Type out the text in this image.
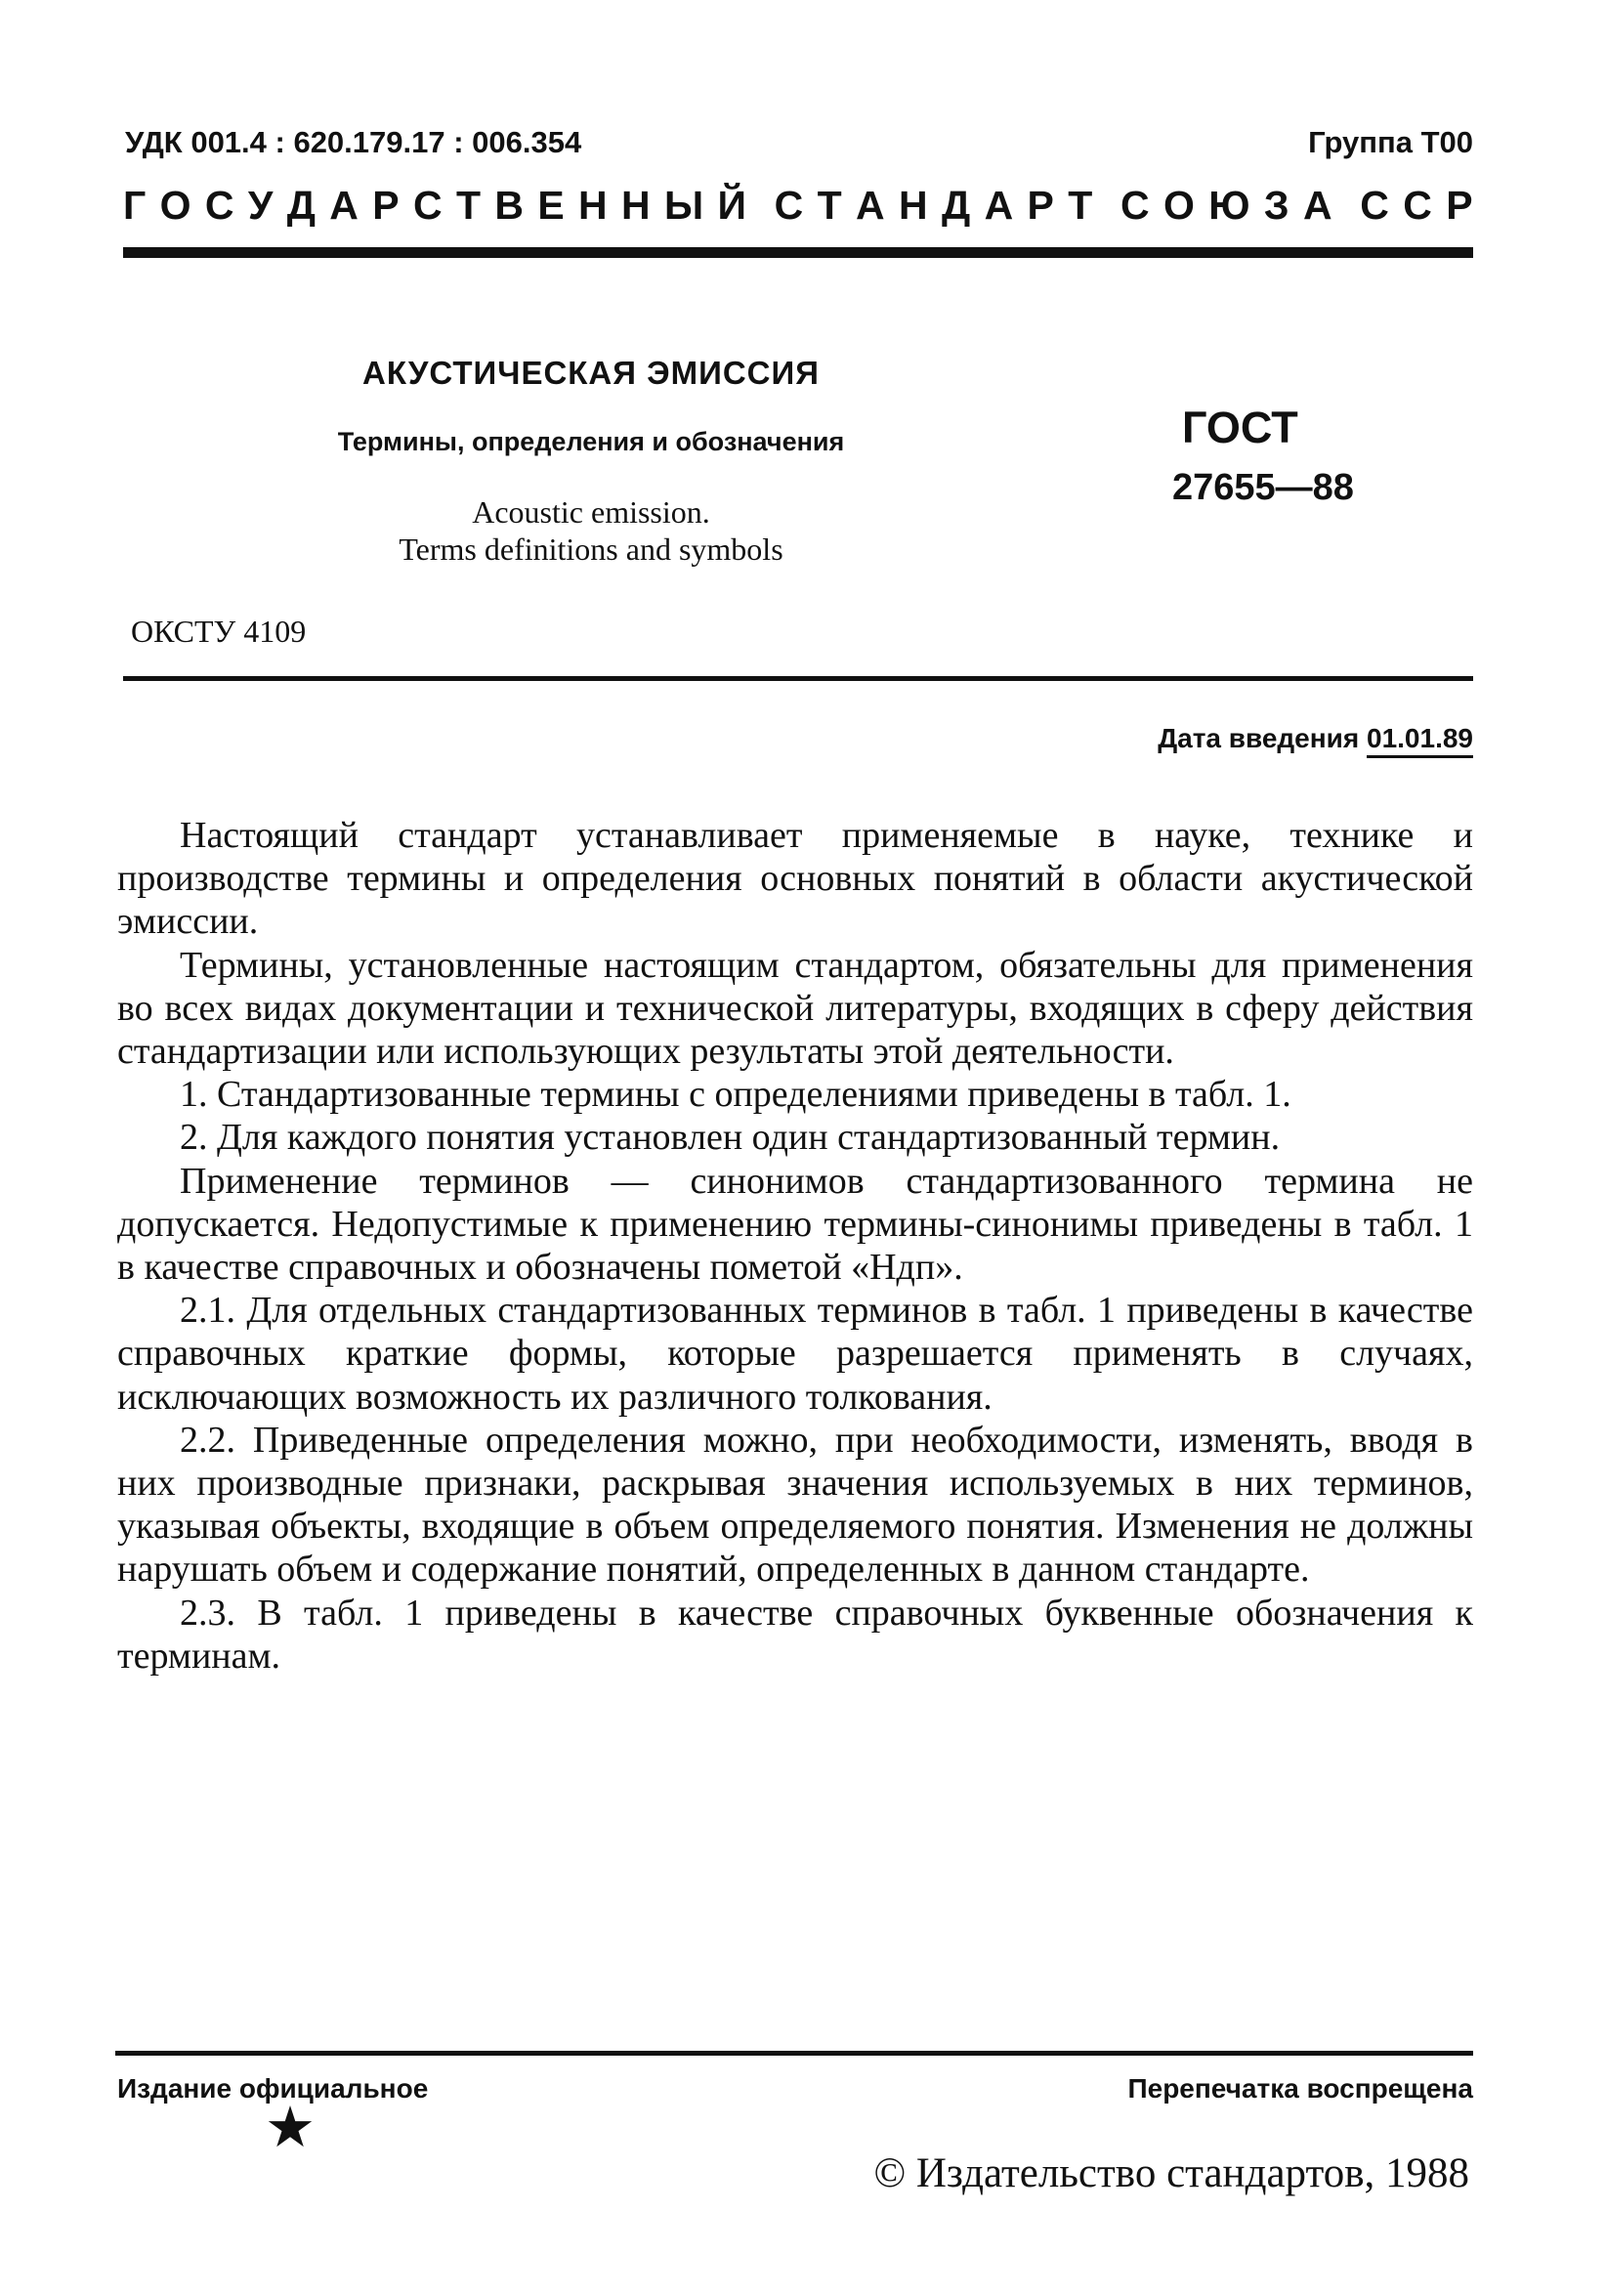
УДК 001.4 : 620.179.17 : 006.354	Группа Т00
Г О С У Д А Р С Т В Е Н Н Ы Й С Т А Н Д А Р Т С О Ю З А С С Р
АКУСТИЧЕСКАЯ ЭМИССИЯ
Термины, определения и обозначения
Acoustic emission.
Terms definitions and symbols
ГОСТ
27655—88
ОКСТУ 4109
Дата введения 01.01.89

Настоящий стандарт устанавливает применяемые в науке, технике и производстве термины и определения основных понятий в области акустической эмиссии.

Термины, установленные настоящим стандартом, обязательны для применения во всех видах документации и технической литературы, входящих в сферу действия стандартизации или использующих результаты этой деятельности.

1. Стандартизованные термины с определениями приведены в табл. 1.

2. Для каждого понятия установлен один стандартизованный термин.

Применение терминов — синонимов стандартизованного термина не допускается. Недопустимые к применению термины-синонимы приведены в табл. 1 в качестве справочных и обозначены пометой «Ндп».

2.1. Для отдельных стандартизованных терминов в табл. 1 приведены в качестве справочных краткие формы, которые разрешается применять в случаях, исключающих возможность их различного толкования.

2.2. Приведенные определения можно, при необходимости, изменять, вводя в них производные признаки, раскрывая значения используемых в них терминов, указывая объекты, входящие в объем определяемого понятия. Изменения не должны нарушать объем и содержание понятий, определенных в данном стандарте.

2.3. В табл. 1 приведены в качестве справочных буквенные обозначения к терминам.

Издание официальное	Перепечатка воспрещена
★
© Издательство стандартов, 1988
